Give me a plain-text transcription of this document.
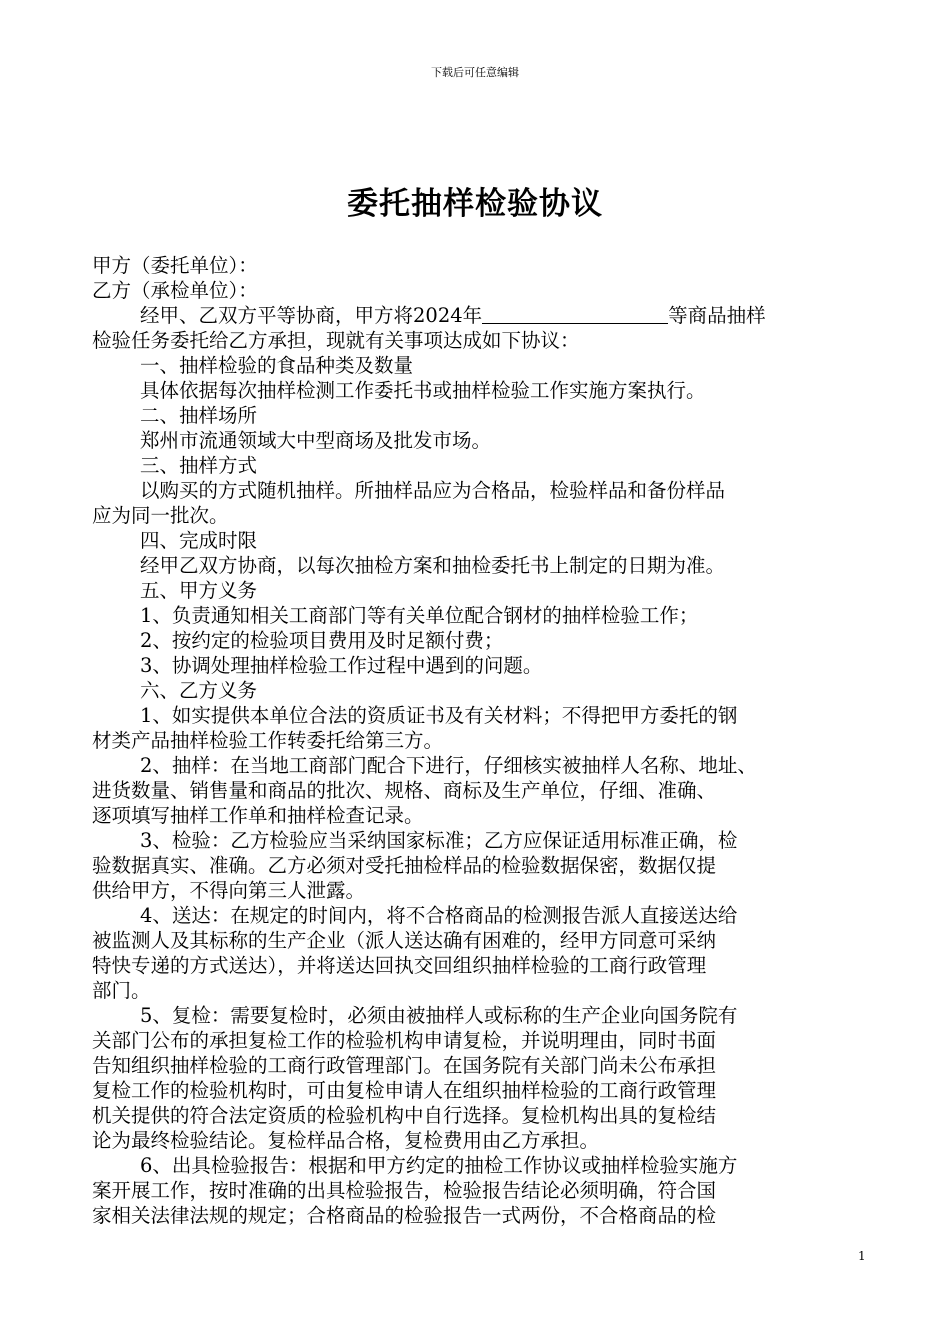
下载后可任意编辑
委托抽样检验协议

甲方（委托单位）：

乙方（承检单位）：

经甲、乙双方平等协商，甲方将2024年	等商品抽样

检验任务委托给乙方承担，现就有关事项达成如下协议：

一、抽样检验的食品种类及数量

具体依据每次抽样检测工作委托书或抽样检验工作实施方案执行。

二、抽样场所

郑州市流通领域大中型商场及批发市场。

三、抽样方式

以购买的方式随机抽样。所抽样品应为合格品，检验样品和备份样品

应为同一批次。

四、完成时限

经甲乙双方协商，以每次抽检方案和抽检委托书上制定的日期为准。

五、甲方义务

1、负责通知相关工商部门等有关单位配合钢材的抽样检验工作；

2、按约定的检验项目费用及时足额付费；

3、协调处理抽样检验工作过程中遇到的问题。

六、乙方义务

1、如实提供本单位合法的资质证书及有关材料；不得把甲方委托的钢

材类产品抽样检验工作转委托给第三方。

2、抽样：在当地工商部门配合下进行，仔细核实被抽样人名称、地址、

进货数量、销售量和商品的批次、规格、商标及生产单位，仔细、准确、

逐项填写抽样工作单和抽样检查记录。

3、检验：乙方检验应当采纳国家标准；乙方应保证适用标准正确，检

验数据真实、准确。乙方必须对受托抽检样品的检验数据保密，数据仅提

供给甲方，不得向第三人泄露。

4、送达：在规定的时间内，将不合格商品的检测报告派人直接送达给

被监测人及其标称的生产企业（派人送达确有困难的，经甲方同意可采纳

特快专递的方式送达），并将送达回执交回组织抽样检验的工商行政管理

部门。

5、复检：需要复检时，必须由被抽样人或标称的生产企业向国务院有

关部门公布的承担复检工作的检验机构申请复检，并说明理由，同时书面

告知组织抽样检验的工商行政管理部门。在国务院有关部门尚未公布承担

复检工作的检验机构时，可由复检申请人在组织抽样检验的工商行政管理

机关提供的符合法定资质的检验机构中自行选择。复检机构出具的复检结

论为最终检验结论。复检样品合格，复检费用由乙方承担。

6、出具检验报告：根据和甲方约定的抽检工作协议或抽样检验实施方

案开展工作，按时准确的出具检验报告，检验报告结论必须明确，符合国

家相关法律法规的规定；合格商品的检验报告一式两份，不合格商品的检

1
